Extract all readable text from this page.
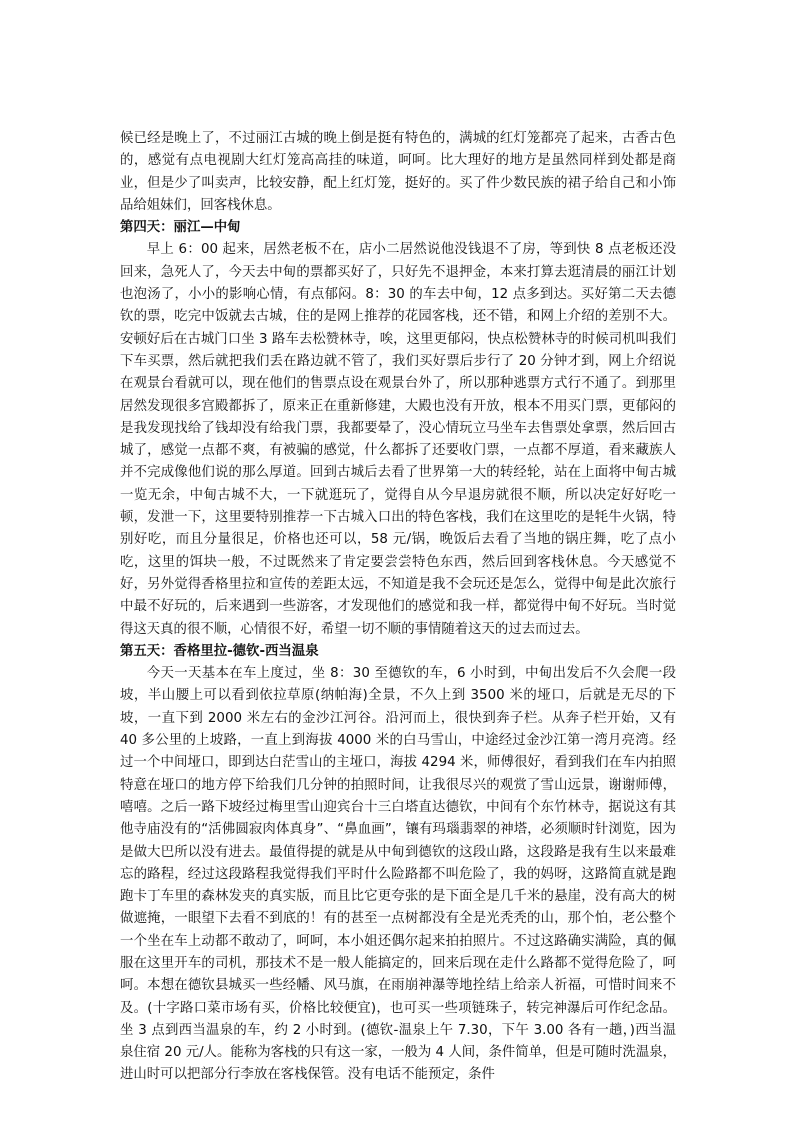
候已经是晚上了，不过丽江古城的晚上倒是挺有特色的，满城的红灯笼都亮了起来，古香古色的，感觉有点电视剧大红灯笼高高挂的味道，呵呵。比大理好的地方是虽然同样到处都是商业，但是少了叫卖声，比较安静，配上红灯笼，挺好的。买了件少数民族的裙子给自己和小饰品给姐妹们，回客栈休息。

第四天：丽江—中甸

早上 6：00 起来，居然老板不在，店小二居然说他没钱退不了房，等到快 8 点老板还没回来，急死人了，今天去中甸的票都买好了，只好先不退押金，本来打算去逛清晨的丽江计划也泡汤了，小小的影响心情，有点郁闷。8：30 的车去中甸，12 点多到达。买好第二天去德钦的票，吃完中饭就去古城，住的是网上推荐的花园客栈，还不错，和网上介绍的差别不大。安顿好后在古城门口坐 3 路车去松赞林寺，唉，这里更郁闷，快点松赞林寺的时候司机叫我们下车买票，然后就把我们丢在路边就不管了，我们买好票后步行了 20 分钟才到，网上介绍说在观景台看就可以，现在他们的售票点设在观景台外了，所以那种逃票方式行不通了。到那里居然发现很多宫殿都拆了，原来正在重新修建，大殿也没有开放，根本不用买门票，更郁闷的是我发现找给了钱却没有给我门票，我都要晕了，没心情玩立马坐车去售票处拿票，然后回古城了，感觉一点都不爽，有被骗的感觉，什么都拆了还要收门票，一点都不厚道，看来藏族人并不完成像他们说的那么厚道。回到古城后去看了世界第一大的转经轮，站在上面将中甸古城一览无余，中甸古城不大，一下就逛玩了，觉得自从今早退房就很不顺，所以决定好好吃一顿，发泄一下，这里要特别推荐一下古城入口出的特色客栈，我们在这里吃的是牦牛火锅，特别好吃，而且分量很足，价格也还可以，58 元/锅，晚饭后去看了当地的锅庄舞，吃了点小吃，这里的饵块一般，不过既然来了肯定要尝尝特色东西，然后回到客栈休息。今天感觉不好，另外觉得香格里拉和宣传的差距太远，不知道是我不会玩还是怎么，觉得中甸是此次旅行中最不好玩的，后来遇到一些游客，才发现他们的感觉和我一样，都觉得中甸不好玩。当时觉得这天真的很不顺，心情很不好，希望一切不顺的事情随着这天的过去而过去。

第五天：香格里拉-德钦-西当温泉

今天一天基本在车上度过，坐 8：30 至德钦的车，6 小时到，中甸出发后不久会爬一段坡，半山腰上可以看到依拉草原(纳帕海)全景，不久上到 3500 米的垭口，后就是无尽的下坡，一直下到 2000 米左右的金沙江河谷。沿河而上，很快到奔子栏。从奔子栏开始，又有 40 多公里的上坡路，一直上到海拔 4000 米的白马雪山，中途经过金沙江第一湾月亮湾。经过一个中间垭口，即到达白茫雪山的主垭口，海拔 4294 米，师傅很好，看到我们在车内拍照特意在垭口的地方停下给我们几分钟的拍照时间，让我很尽兴的观赏了雪山远景，谢谢师傅，嘻嘻。之后一路下坡经过梅里雪山迎宾台十三白塔直达德钦，中间有个东竹林寺，据说这有其他寺庙没有的“活佛圆寂肉体真身”、“鼻血画”，镶有玛瑙翡翠的神塔，必须顺时针浏览，因为是做大巴所以没有进去。最值得提的就是从中甸到德钦的这段山路，这段路是我有生以来最难忘的路程，经过这段路程我觉得我们平时什么险路都不叫危险了，我的妈呀，这路简直就是跑跑卡丁车里的森林发夹的真实版，而且比它更夸张的是下面全是几千米的悬崖，没有高大的树做遮掩，一眼望下去看不到底的！有的甚至一点树都没有全是光秃秃的山，那个怕，老公整个一个坐在车上动都不敢动了，呵呵，本小姐还偶尔起来拍拍照片。不过这路确实满险，真的佩服在这里开车的司机，那技术不是一般人能搞定的，回来后现在走什么路都不觉得危险了，呵呵。本想在德钦县城买一些经幡、风马旗，在雨崩神瀑等地拴结上给亲人祈福，可惜时间来不及。(十字路口菜市场有买，价格比较便宜)，也可买一些项链珠子，转完神瀑后可作纪念品。坐 3 点到西当温泉的车，约 2 小时到。(德钦-温泉上午 7.30，下午 3.00 各有一趟，)西当温泉住宿 20 元/人。能称为客栈的只有这一家，一般为 4 人间，条件简单，但是可随时洗温泉，进山时可以把部分行李放在客栈保管。没有电话不能预定，条件
